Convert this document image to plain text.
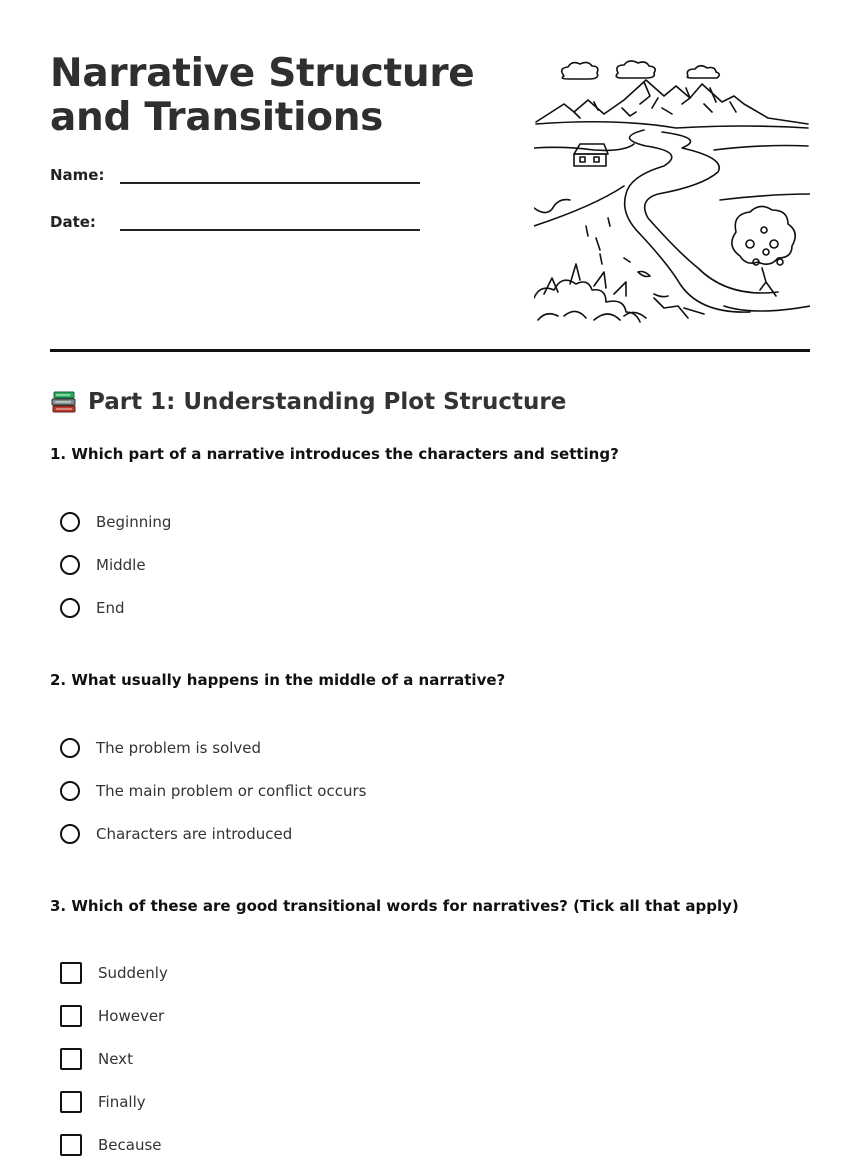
Narrative Structure and Transitions
Name:
Date:
Part 1: Understanding Plot Structure

1. Which part of a narrative introduces the characters and setting?

Beginning
Middle
End

2. What usually happens in the middle of a narrative?

The problem is solved
The main problem or conflict occurs
Characters are introduced

3. Which of these are good transitional words for narratives? (Tick all that apply)

Suddenly
However
Next
Finally
Because
